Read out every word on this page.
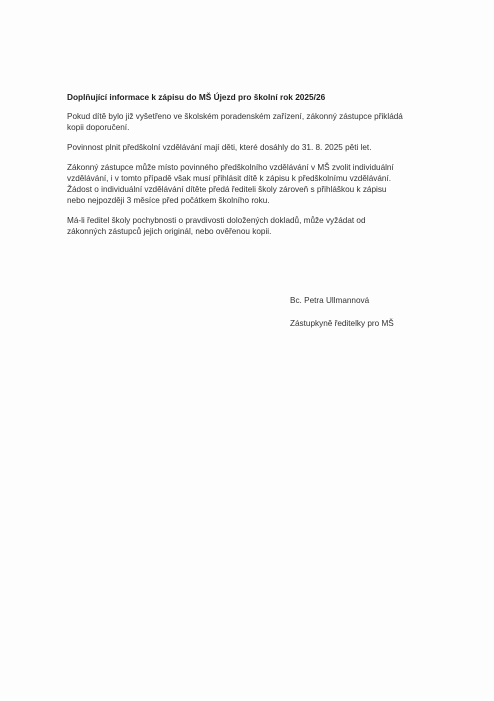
Doplňující informace k zápisu do MŠ Újezd pro školní rok 2025/26
Pokud dítě bylo již vyšetřeno ve školském poradenském zařízení, zákonný zástupce přikládá
kopii doporučení.
Povinnost plnit předškolní vzdělávání mají děti, které dosáhly do 31. 8. 2025 pěti let.
Zákonný zástupce může místo povinného předškolního vzdělávání v MŠ zvolit individuální
vzdělávání, i v tomto případě však musí přihlásit dítě k zápisu k předškolnímu vzdělávání.
Žádost o individuální vzdělávání dítěte předá řediteli školy zároveň s přihláškou k zápisu
nebo nejpozději 3 měsíce před počátkem školního roku.
Má-li ředitel školy pochybnosti o pravdivosti doložených dokladů, může vyžádat od
zákonných zástupců jejich originál, nebo ověřenou kopii.
Bc. Petra Ullmannová
Zástupkyně ředitelky pro MŠ
